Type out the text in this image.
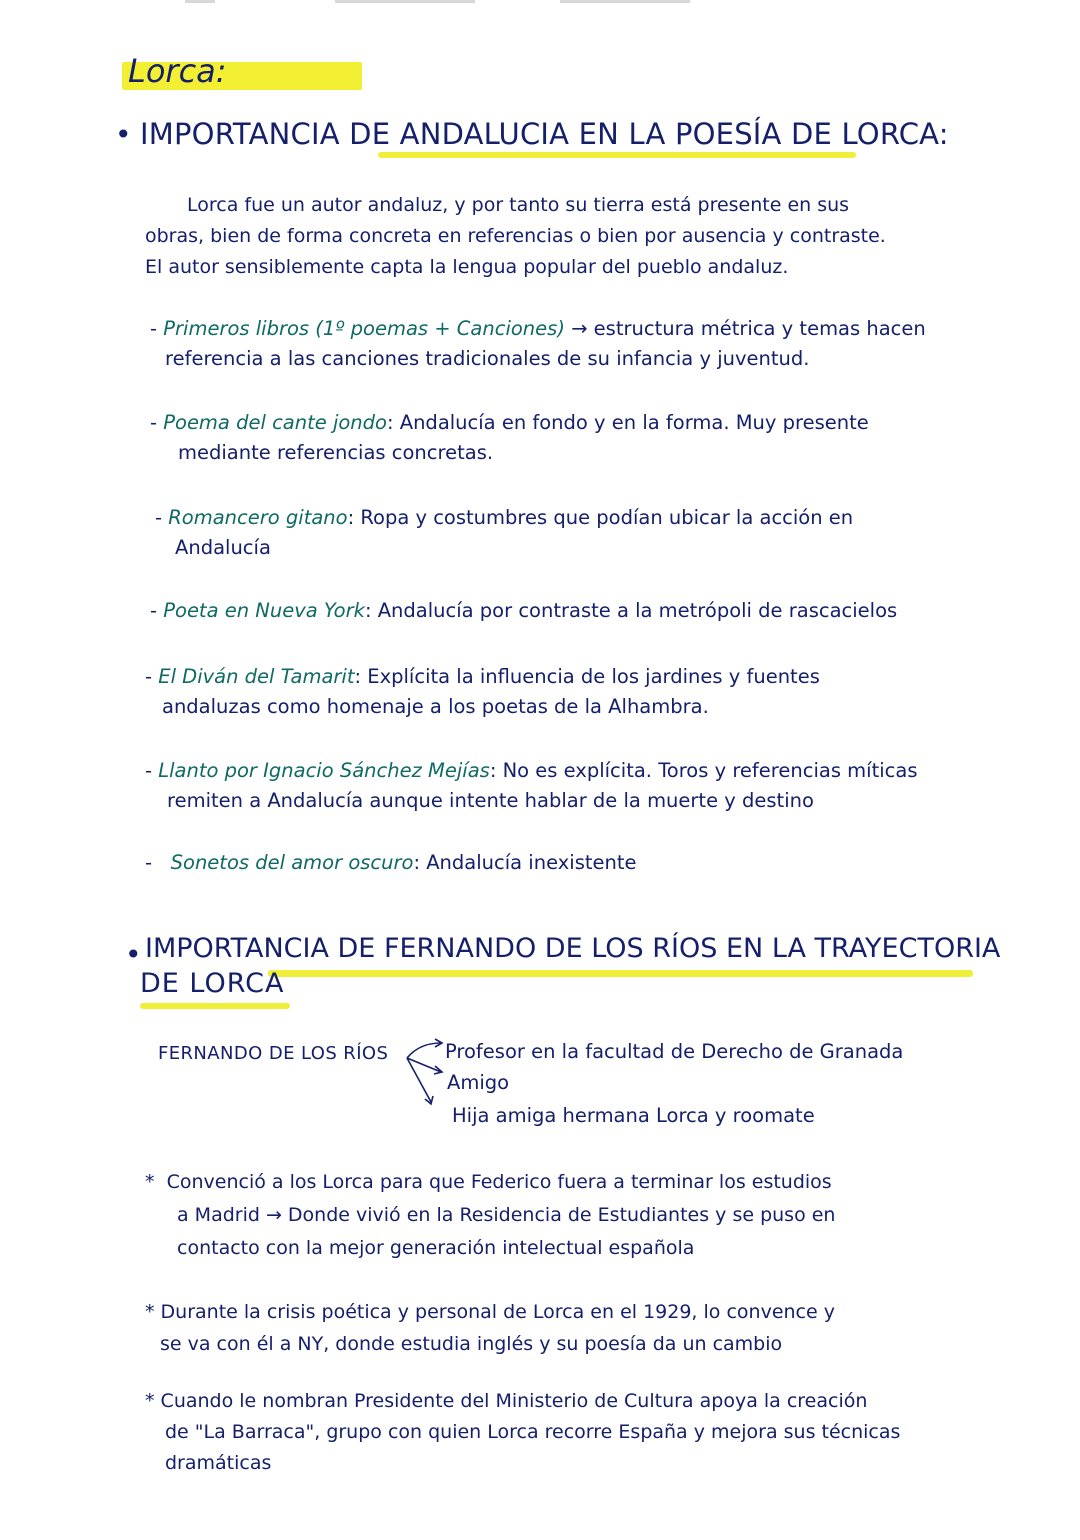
Lorca:
• IMPORTANCIA DE ANDALUCIA EN LA POESÍA DE LORCA:
Lorca fue un autor andaluz, y por tanto su tierra está presente en sus
obras, bien de forma concreta en referencias o bien por ausencia y contraste.
El autor sensiblemente capta la lengua popular del pueblo andaluz.
- Primeros libros (1º poemas + Canciones) → estructura métrica y temas hacen
referencia a las canciones tradicionales de su infancia y juventud.
- Poema del cante jondo: Andalucía en fondo y en la forma. Muy presente
mediante referencias concretas.
- Romancero gitano: Ropa y costumbres que podían ubicar la acción en
Andalucía
- Poeta en Nueva York: Andalucía por contraste a la metrópoli de rascacielos
- El Diván del Tamarit: Explícita la influencia de los jardines y fuentes
andaluzas como homenaje a los poetas de la Alhambra.
- Llanto por Ignacio Sánchez Mejías: No es explícita. Toros y referencias míticas
remiten a Andalucía aunque intente hablar de la muerte y destino
-   Sonetos del amor oscuro: Andalucía inexistente
• IMPORTANCIA DE FERNANDO DE LOS RÍOS EN LA TRAYECTORIA
DE LORCA
FERNANDO DE LOS RÍOS	Profesor en la facultad de Derecho de Granada
Amigo
Hija amiga hermana Lorca y roomate
* Convenció a los Lorca para que Federico fuera a terminar los estudios
a Madrid → Donde vivió en la Residencia de Estudiantes y se puso en
contacto con la mejor generación intelectual española
* Durante la crisis poética y personal de Lorca en el 1929, lo convence y
se va con él a NY, donde estudia inglés y su poesía da un cambio
* Cuando le nombran Presidente del Ministerio de Cultura apoya la creación
de "La Barraca", grupo con quien Lorca recorre España y mejora sus técnicas
dramáticas
